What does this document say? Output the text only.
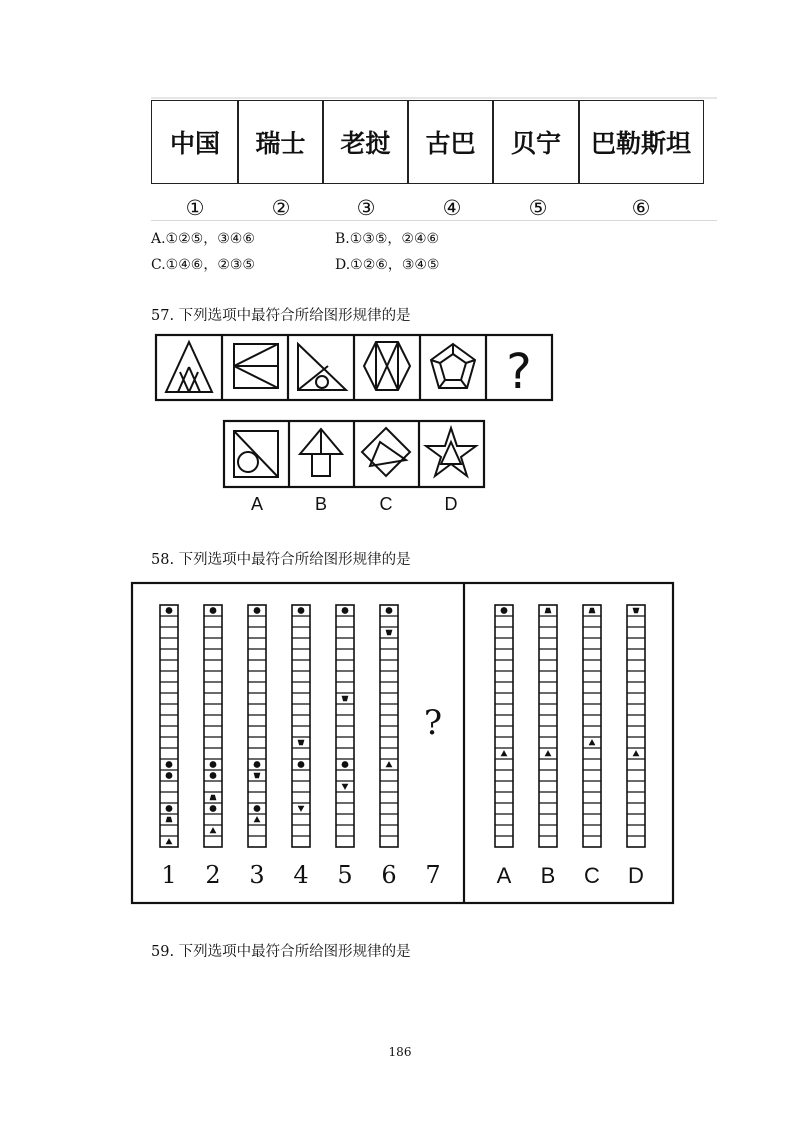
中国 瑞士 老挝 古巴 贝宁 巴勒斯坦
①	②	③	④	⑤	⑥
A.①②⑤，③④⑥	B.①③⑤，②④⑥
C.①④⑥，②③⑤	D.①②⑥，③④⑤
57. 下列选项中最符合所给图形规律的是
?
A	B	C	D
58. 下列选项中最符合所给图形规律的是
1 2 3 4 5 6 7	A B C D
?
59. 下列选项中最符合所给图形规律的是
186
